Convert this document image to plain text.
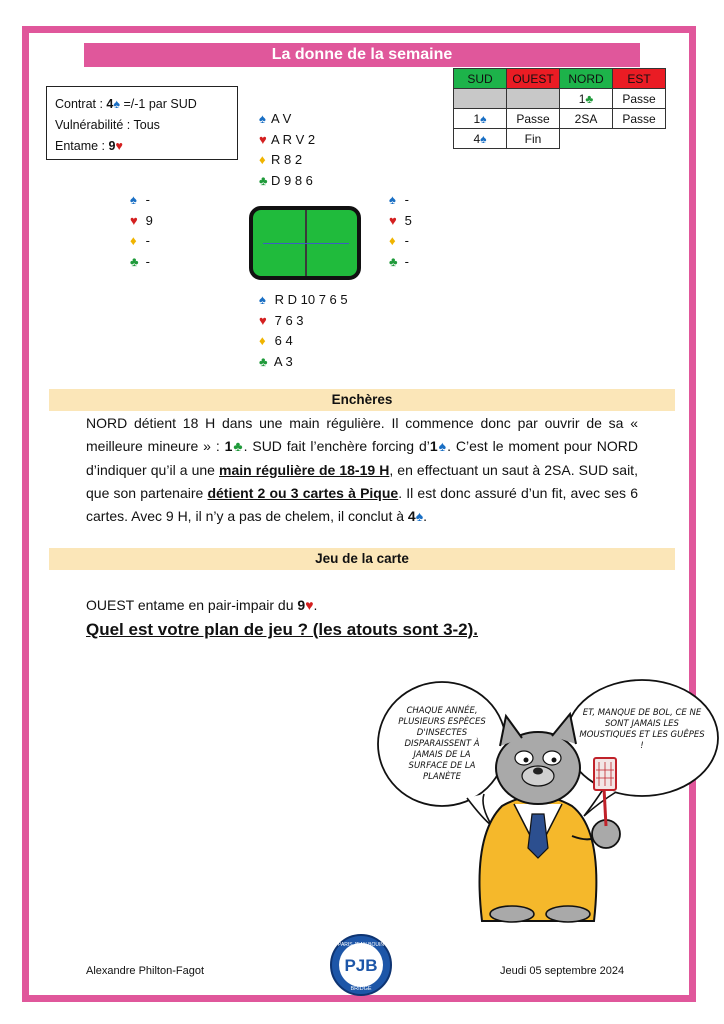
La donne de la semaine
Contrat : 4♠ =/-1 par SUD
Vulnérabilité : Tous
Entame : 9♥
SUD	OUEST	NORD	EST
		1♣	Passe
1♠	Passe	2SA	Passe
4♠	Fin		
♠ A V
♥ A R V 2
♦ R 8 2
♣ D 9 8 6
♠ -
♥ 9
♦ -
♣ -
♠ -
♥ 5
♦ -
♣ -
♠ R D 10 7 6 5
♥ 7 6 3
♦ 6 4
♣ A 3
Enchères
NORD détient 18 H dans une main régulière. Il commence donc par ouvrir de sa « meilleure mineure » : 1♣. SUD fait l’enchère forcing d’1♠. C’est le moment pour NORD d’indiquer qu’il a une main régulière de 18-19 H, en effectuant un saut à 2SA. SUD sait, que son partenaire détient 2 ou 3 cartes à Pique. Il est donc assuré d’un fit, avec ses 6 cartes. Avec 9 H, il n’y a pas de chelem, il conclut à 4♠.
Jeu de la carte
OUEST entame en pair-impair du 9♥.
Quel est votre plan de jeu ? (les atouts sont 3-2).
CHAQUE ANNÉE, PLUSIEURS ESPÈCES D'INSECTES DISPARAISSENT À JAMAIS DE LA SURFACE DE LA PLANÈTE
ET, MANQUE DE BOL, CE NE SONT JAMAIS LES MOUSTIQUES ET LES GUÊPES !
Alexandre Philton-Fagot	Jeudi 05 septembre 2024
PJB
PARIS JEAN BOUIN
BRIDGE
